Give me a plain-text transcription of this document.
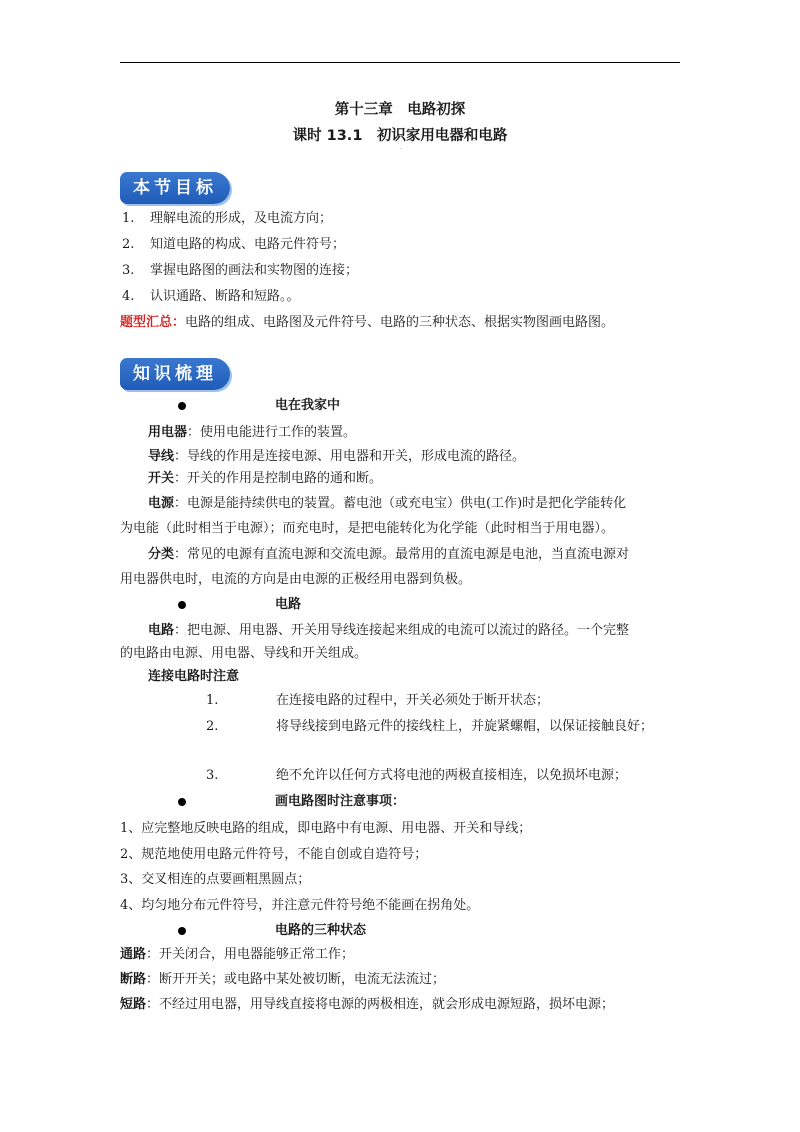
第十三章　电路初探
课时 13.1　初识家用电器和电路
.
本节目标
1. 理解电流的形成，及电流方向；
2. 知道电路的构成、电路元件符号；
3. 掌握电路图的画法和实物图的连接；
4. 认识通路、断路和短路。。
题型汇总：电路的组成、电路图及元件符号、电路的三种状态、根据实物图画电路图。
知识梳理
电在我家中
用电器：使用电能进行工作的装置。
导线：导线的作用是连接电源、用电器和开关，形成电流的路径。
开关：开关的作用是控制电路的通和断。
电源：电源是能持续供电的装置。蓄电池（或充电宝）供电(工作)时是把化学能转化
为电能（此时相当于电源）；而充电时，是把电能转化为化学能（此时相当于用电器）。
分类：常见的电源有直流电源和交流电源。最常用的直流电源是电池，当直流电源对
用电器供电时，电流的方向是由电源的正极经用电器到负极。
电路
电路：把电源、用电器、开关用导线连接起来组成的电流可以流过的路径。一个完整
的电路由电源、用电器、导线和开关组成。
连接电路时注意
1.	在连接电路的过程中，开关必须处于断开状态；
2.	将导线接到电路元件的接线柱上，并旋紧螺帽，以保证接触良好；
3.	绝不允许以任何方式将电池的两极直接相连，以免损坏电源；
画电路图时注意事项：
1、应完整地反映电路的组成，即电路中有电源、用电器、开关和导线；
2、规范地使用电路元件符号，不能自创或自造符号；
3、交叉相连的点要画粗黑圆点；
4、均匀地分布元件符号，并注意元件符号绝不能画在拐角处。
电路的三种状态
通路：开关闭合，用电器能够正常工作；
断路：断开开关；或电路中某处被切断，电流无法流过；
短路：不经过用电器，用导线直接将电源的两极相连，就会形成电源短路，损坏电源；
